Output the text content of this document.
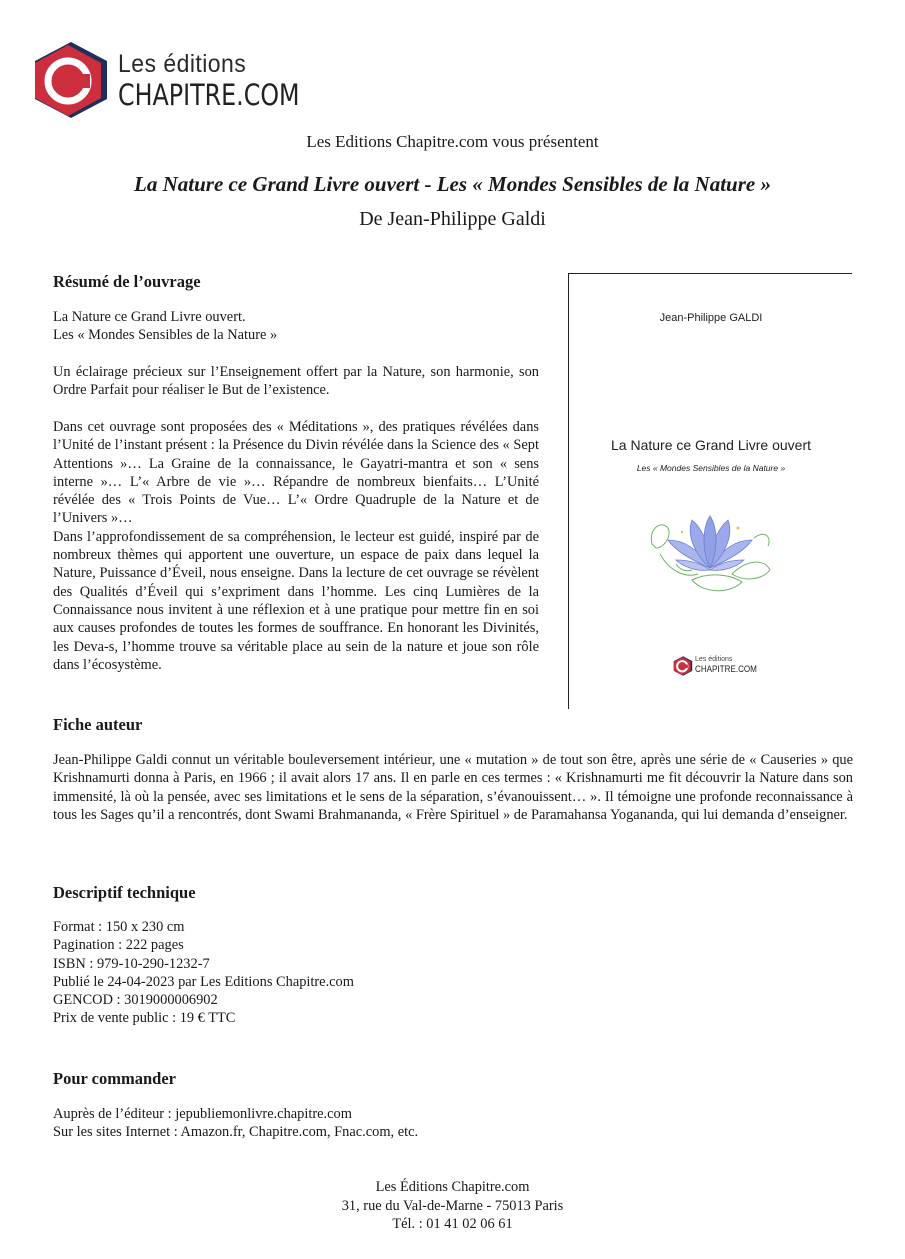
Les éditions
CHAPITRE.COM
Les Editions Chapitre.com vous présentent
La Nature ce Grand Livre ouvert - Les « Mondes Sensibles de la Nature »
De Jean-Philippe Galdi
Résumé de l’ouvrage

La Nature ce Grand Livre ouvert.

Les « Mondes Sensibles de la Nature »

Un éclairage précieux sur l’Enseignement offert par la Nature, son harmonie, son Ordre Parfait pour réaliser le But de l’existence.

Dans cet ouvrage sont proposées des « Méditations », des pratiques révélées dans l’Unité de l’instant présent : la Présence du Divin révélée dans la Science des « Sept Attentions »… La Graine de la connaissance, le Gayatri-mantra et son « sens interne »… L’« Arbre de vie »… Répandre de nombreux bienfaits… L’Unité révélée des « Trois Points de Vue… L’« Ordre Quadruple de la Nature et de l’Univers »…

Dans l’approfondissement de sa compréhension, le lecteur est guidé, inspiré par de nombreux thèmes qui apportent une ouverture, un espace de paix dans lequel la Nature, Puissance d’Éveil, nous enseigne. Dans la lecture de cet ouvrage se révèlent des Qualités d’Éveil qui s’expriment dans l’homme. Les cinq Lumières de la Connaissance nous invitent à une réflexion et à une pratique pour mettre fin en soi aux causes profondes de toutes les formes de souffrance. En honorant les Divinités, les Deva-s, l’homme trouve sa véritable place au sein de la nature et joue son rôle dans l’écosystème.

Jean-Philippe GALDI
La Nature ce Grand Livre ouvert
Les « Mondes Sensibles de la Nature »
Les éditions
CHAPITRE.COM
Fiche auteur

Jean-Philippe Galdi connut un véritable bouleversement intérieur, une « mutation » de tout son être, après une série de « Causeries » que Krishnamurti donna à Paris, en 1966 ; il avait alors 17 ans. Il en parle en ces termes : « Krishnamurti me fit découvrir la Nature dans son immensité, là où la pensée, avec ses limitations et le sens de la séparation, s’évanouissent… ». Il témoigne une profonde reconnaissance à tous les Sages qu’il a rencontrés, dont Swami Brahmananda, « Frère Spirituel » de Paramahansa Yogananda, qui lui demanda d’enseigner.

Descriptif technique
Format : 150 x 230 cm
Pagination : 222 pages
ISBN : 979-10-290-1232-7
Publié le 24-04-2023 par Les Editions Chapitre.com
GENCOD : 3019000006902
Prix de vente public : 19 € TTC
Pour commander
Auprès de l’éditeur : jepubliemonlivre.chapitre.com
Sur les sites Internet : Amazon.fr, Chapitre.com, Fnac.com, etc.
Les Éditions Chapitre.com
31, rue du Val-de-Marne - 75013 Paris
Tél. : 01 41 02 06 61
